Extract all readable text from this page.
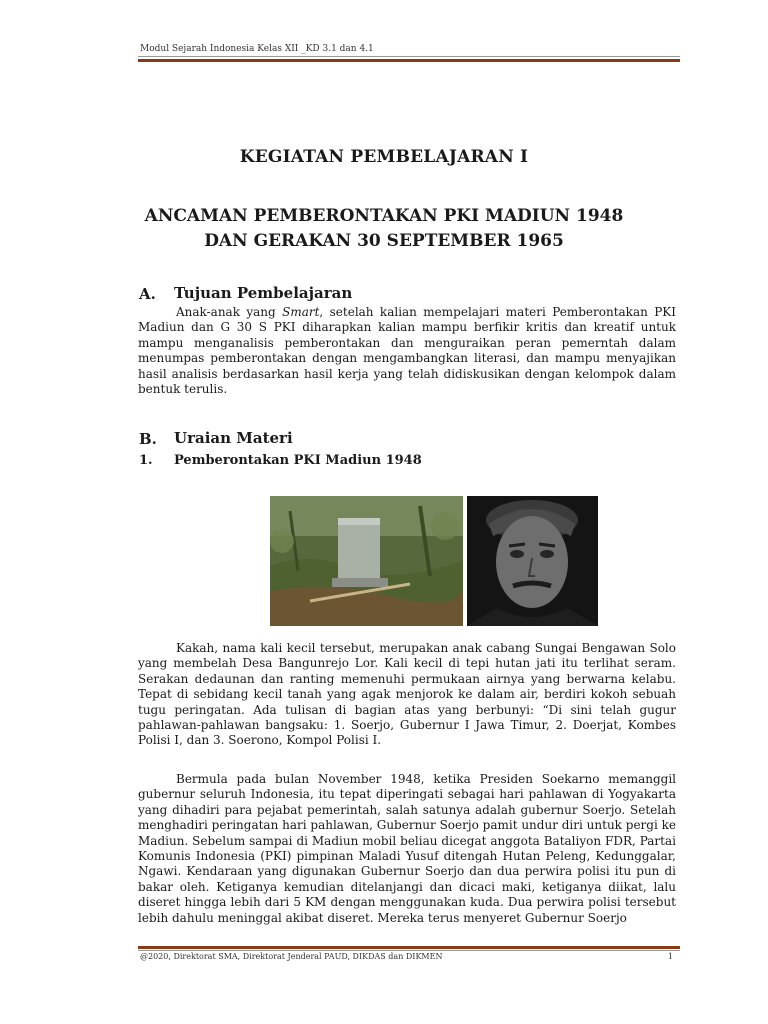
Modul Sejarah Indonesia Kelas XII _KD 3.1 dan 4.1
KEGIATAN PEMBELAJARAN I
ANCAMAN PEMBERONTAKAN PKI MADIUN 1948
DAN GERAKAN 30 SEPTEMBER 1965
A. Tujuan Pembelajaran

Anak-anak yang Smart, setelah kalian mempelajari materi Pemberontakan PKI Madiun dan G 30 S PKI diharapkan kalian mampu berfikir kritis dan kreatif untuk mampu menganalisis pemberontakan dan menguraikan peran pemerntah dalam menumpas pemberontakan dengan mengambangkan literasi, dan mampu menyajikan hasil analisis berdasarkan hasil kerja yang telah didiskusikan dengan kelompok dalam bentuk terulis.

B. Uraian Materi
1. Pemberontakan PKI Madiun 1948

Kakah, nama kali kecil tersebut, merupakan anak cabang Sungai Bengawan Solo yang membelah Desa Bangunrejo Lor. Kali kecil di tepi hutan jati itu terlihat seram. Serakan dedaunan dan ranting memenuhi permukaan airnya yang berwarna kelabu. Tepat di sebidang kecil tanah yang agak menjorok ke dalam air, berdiri kokoh sebuah tugu peringatan. Ada tulisan di bagian atas yang berbunyi: “Di sini telah gugur pahlawan-pahlawan bangsaku: 1. Soerjo, Gubernur I Jawa Timur, 2. Doerjat, Kombes Polisi I, dan 3. Soerono, Kompol Polisi I.

Bermula pada bulan November 1948, ketika Presiden Soekarno memanggil gubernur seluruh Indonesia, itu tepat diperingati sebagai hari pahlawan di Yogyakarta yang dihadiri para pejabat pemerintah, salah satunya adalah gubernur Soerjo. Setelah menghadiri peringatan hari pahlawan, Gubernur Soerjo pamit undur diri untuk pergi ke Madiun. Sebelum sampai di Madiun mobil beliau dicegat anggota Bataliyon FDR, Partai Komunis Indonesia (PKI) pimpinan Maladi Yusuf ditengah Hutan Peleng, Kedunggalar, Ngawi. Kendaraan yang digunakan Gubernur Soerjo dan dua perwira polisi itu pun di bakar oleh. Ketiganya kemudian ditelanjangi dan dicaci maki, ketiganya diikat, lalu diseret hingga lebih dari 5 KM dengan menggunakan kuda. Dua perwira polisi tersebut lebih dahulu meninggal akibat diseret. Mereka terus menyeret Gubernur Soerjo

@2020, Direktorat SMA, Direktorat Jenderal PAUD, DIKDAS dan DIKMEN	1
